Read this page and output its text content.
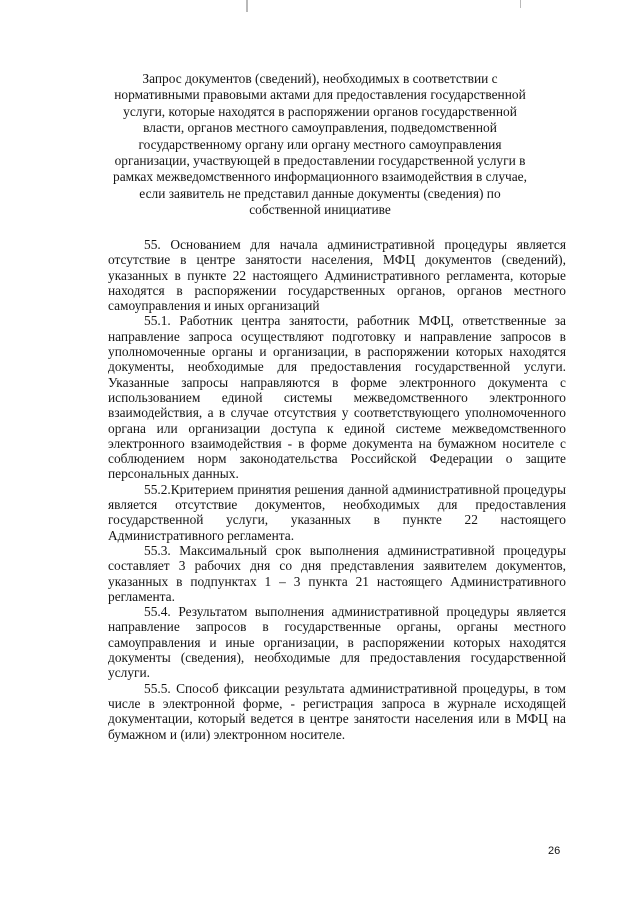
Запрос документов (сведений), необходимых в соответствии с нормативными правовыми актами для предоставления государственной услуги, которые находятся в распоряжении органов государственной власти, органов местного самоуправления, подведомственной государственному органу или органу местного самоуправления организации, участвующей в предоставлении государственной услуги в рамках межведомственного информационного взаимодействия в случае, если заявитель не представил данные документы (сведения) по собственной инициативе

55. Основанием для начала административной процедуры является отсутствие в центре занятости населения, МФЦ документов (сведений), указанных в пункте 22 настоящего Административного регламента, которые находятся в распоряжении государственных органов, органов местного самоуправления и иных организаций

55.1. Работник центра занятости, работник МФЦ, ответственные за направление запроса осуществляют подготовку и направление запросов в уполномоченные органы и организации, в распоряжении которых находятся документы, необходимые для предоставления государственной услуги. Указанные запросы направляются в форме электронного документа с использованием единой системы межведомственного электронного взаимодействия, а в случае отсутствия у соответствующего уполномоченного органа или организации доступа к единой системе межведомственного электронного взаимодействия - в форме документа на бумажном носителе с соблюдением норм законодательства Российской Федерации о защите персональных данных.

55.2.Критерием принятия решения данной административной процедуры является отсутствие документов, необходимых для предоставления государственной услуги, указанных в пункте 22 настоящего Административного регламента.

55.3. Максимальный срок выполнения административной процедуры составляет 3 рабочих дня со дня представления заявителем документов, указанных в подпунктах 1 – 3 пункта 21 настоящего Административного регламента.

55.4. Результатом выполнения административной процедуры является направление запросов в государственные органы, органы местного самоуправления и иные организации, в распоряжении которых находятся документы (сведения), необходимые для предоставления государственной услуги.

55.5. Способ фиксации результата административной процедуры, в том числе в электронной форме, - регистрация запроса в журнале исходящей документации, который ведется в центре занятости населения или в МФЦ на бумажном и (или) электронном носителе.

26
